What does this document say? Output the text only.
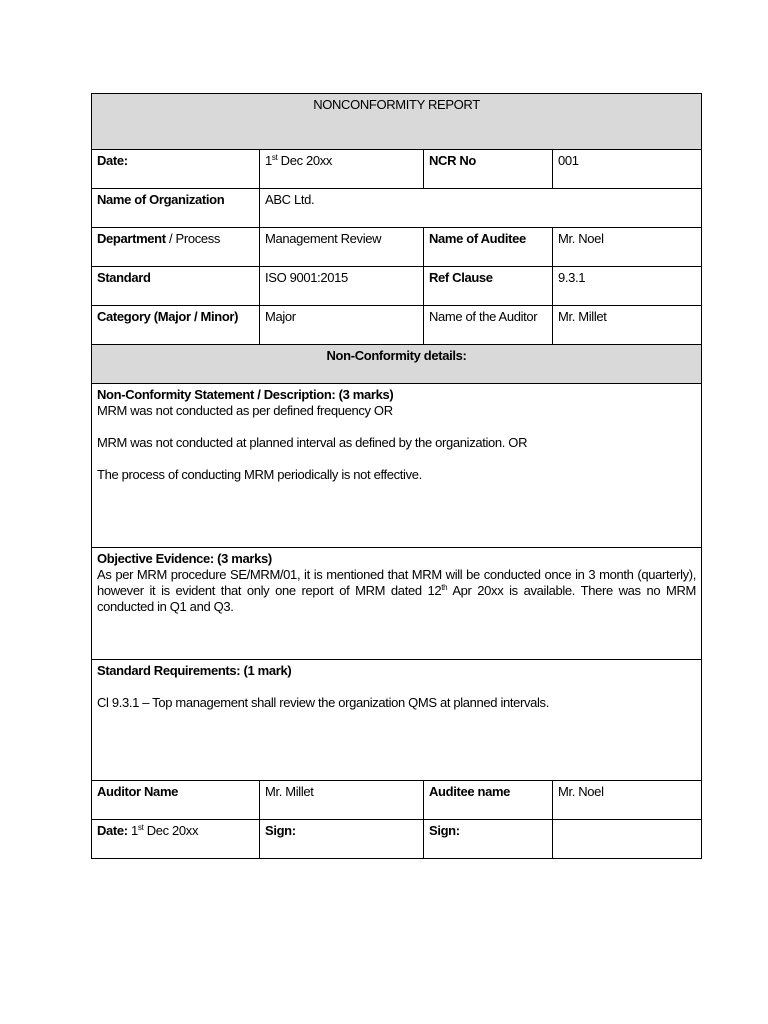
NONCONFORMITY REPORT			
Date:	1st Dec 20xx	NCR No	001
Name of Organization	ABC Ltd.		
Department / Process	Management Review	Name of Auditee	Mr. Noel
Standard	ISO 9001:2015	Ref Clause	9.3.1
Category (Major / Minor)	Major	Name of the Auditor	Mr. Millet
Non-Conformity details:			

Non-Conformity Statement / Description: (3 marks)
MRM was not conducted as per defined frequency OR
MRM was not conducted at planned interval as defined by the organization. OR
The process of conducting MRM periodically is not effective.			

Objective Evidence: (3 marks)
As per MRM procedure SE/MRM/01, it is mentioned that MRM will be conducted once in 3 month (quarterly), however it is evident that only one report of MRM dated 12th Apr 20xx is available. There was no MRM conducted in Q1 and Q3.			

Standard Requirements: (1 mark)
Cl 9.3.1 – Top management shall review the organization QMS at planned intervals.			

Auditor Name	Mr. Millet	Auditee name	Mr. Noel
Date: 1st Dec 20xx	Sign:	Sign:	
